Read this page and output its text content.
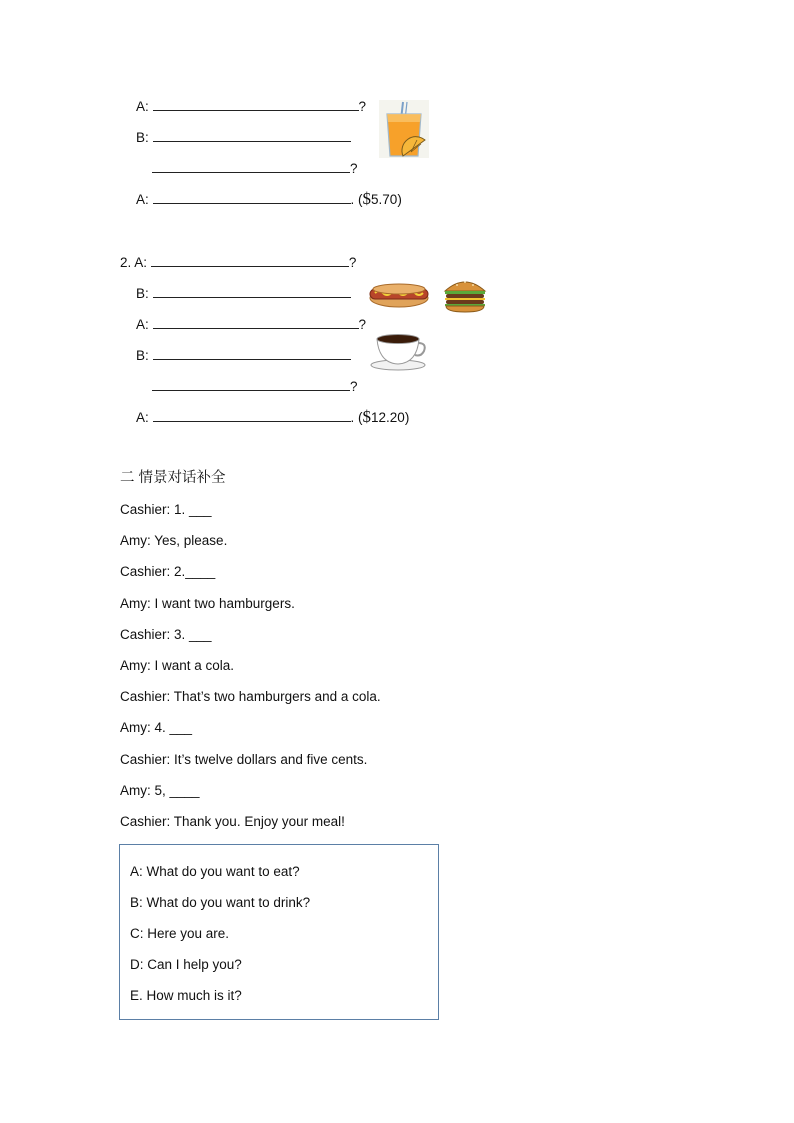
A:	?
B:
?
A:	. ($5.70)
2. A:	?
B:
A:	?
B:
?
A:	. ($12.20)
二 情景对话补全
Cashier: 1. ___
Amy: Yes, please.
Cashier: 2.____
Amy: I want two hamburgers.
Cashier: 3. ___
Amy: I want a cola.
Cashier: That’s two hamburgers and a cola.
Amy: 4. ___
Cashier: It’s twelve dollars and five cents.
Amy: 5, ____
Cashier: Thank you. Enjoy your meal!
A: What do you want to eat?
B: What do you want to drink?
C: Here you are.
D: Can I help you?
E. How much is it?
